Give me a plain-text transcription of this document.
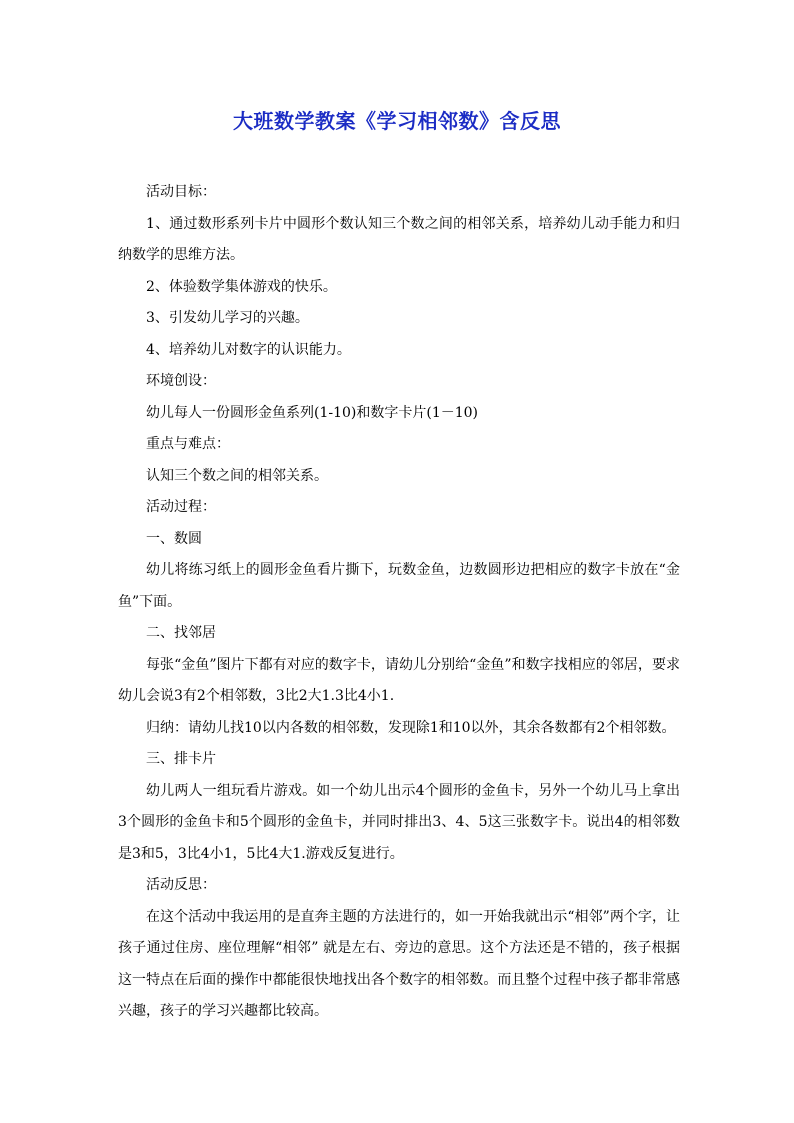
大班数学教案《学习相邻数》含反思

活动目标：

1、通过数形系列卡片中圆形个数认知三个数之间的相邻关系，培养幼儿动手能力和归纳数学的思维方法。

2、体验数学集体游戏的快乐。

3、引发幼儿学习的兴趣。

4、培养幼儿对数字的认识能力。

环境创设：

幼儿每人一份圆形金鱼系列(1-10)和数字卡片(1－10)

重点与难点：

认知三个数之间的相邻关系。

活动过程：

一、数圆

幼儿将练习纸上的圆形金鱼看片撕下，玩数金鱼，边数圆形边把相应的数字卡放在“金鱼”下面。

二、找邻居

每张“金鱼”图片下都有对应的数字卡，请幼儿分别给“金鱼”和数字找相应的邻居，要求幼儿会说3有2个相邻数，3比2大1.3比4小1.

归纳：请幼儿找10以内各数的相邻数，发现除1和10以外，其余各数都有2个相邻数。

三、排卡片

幼儿两人一组玩看片游戏。如一个幼儿出示4个圆形的金鱼卡，另外一个幼儿马上拿出3个圆形的金鱼卡和5个圆形的金鱼卡，并同时排出3、4、5这三张数字卡。说出4的相邻数是3和5，3比4小1，5比4大1.游戏反复进行。

活动反思：

在这个活动中我运用的是直奔主题的方法进行的，如一开始我就出示“相邻”两个字，让孩子通过住房、座位理解“相邻” 就是左右、旁边的意思。这个方法还是不错的，孩子根据这一特点在后面的操作中都能很快地找出各个数字的相邻数。而且整个过程中孩子都非常感兴趣，孩子的学习兴趣都比较高。
